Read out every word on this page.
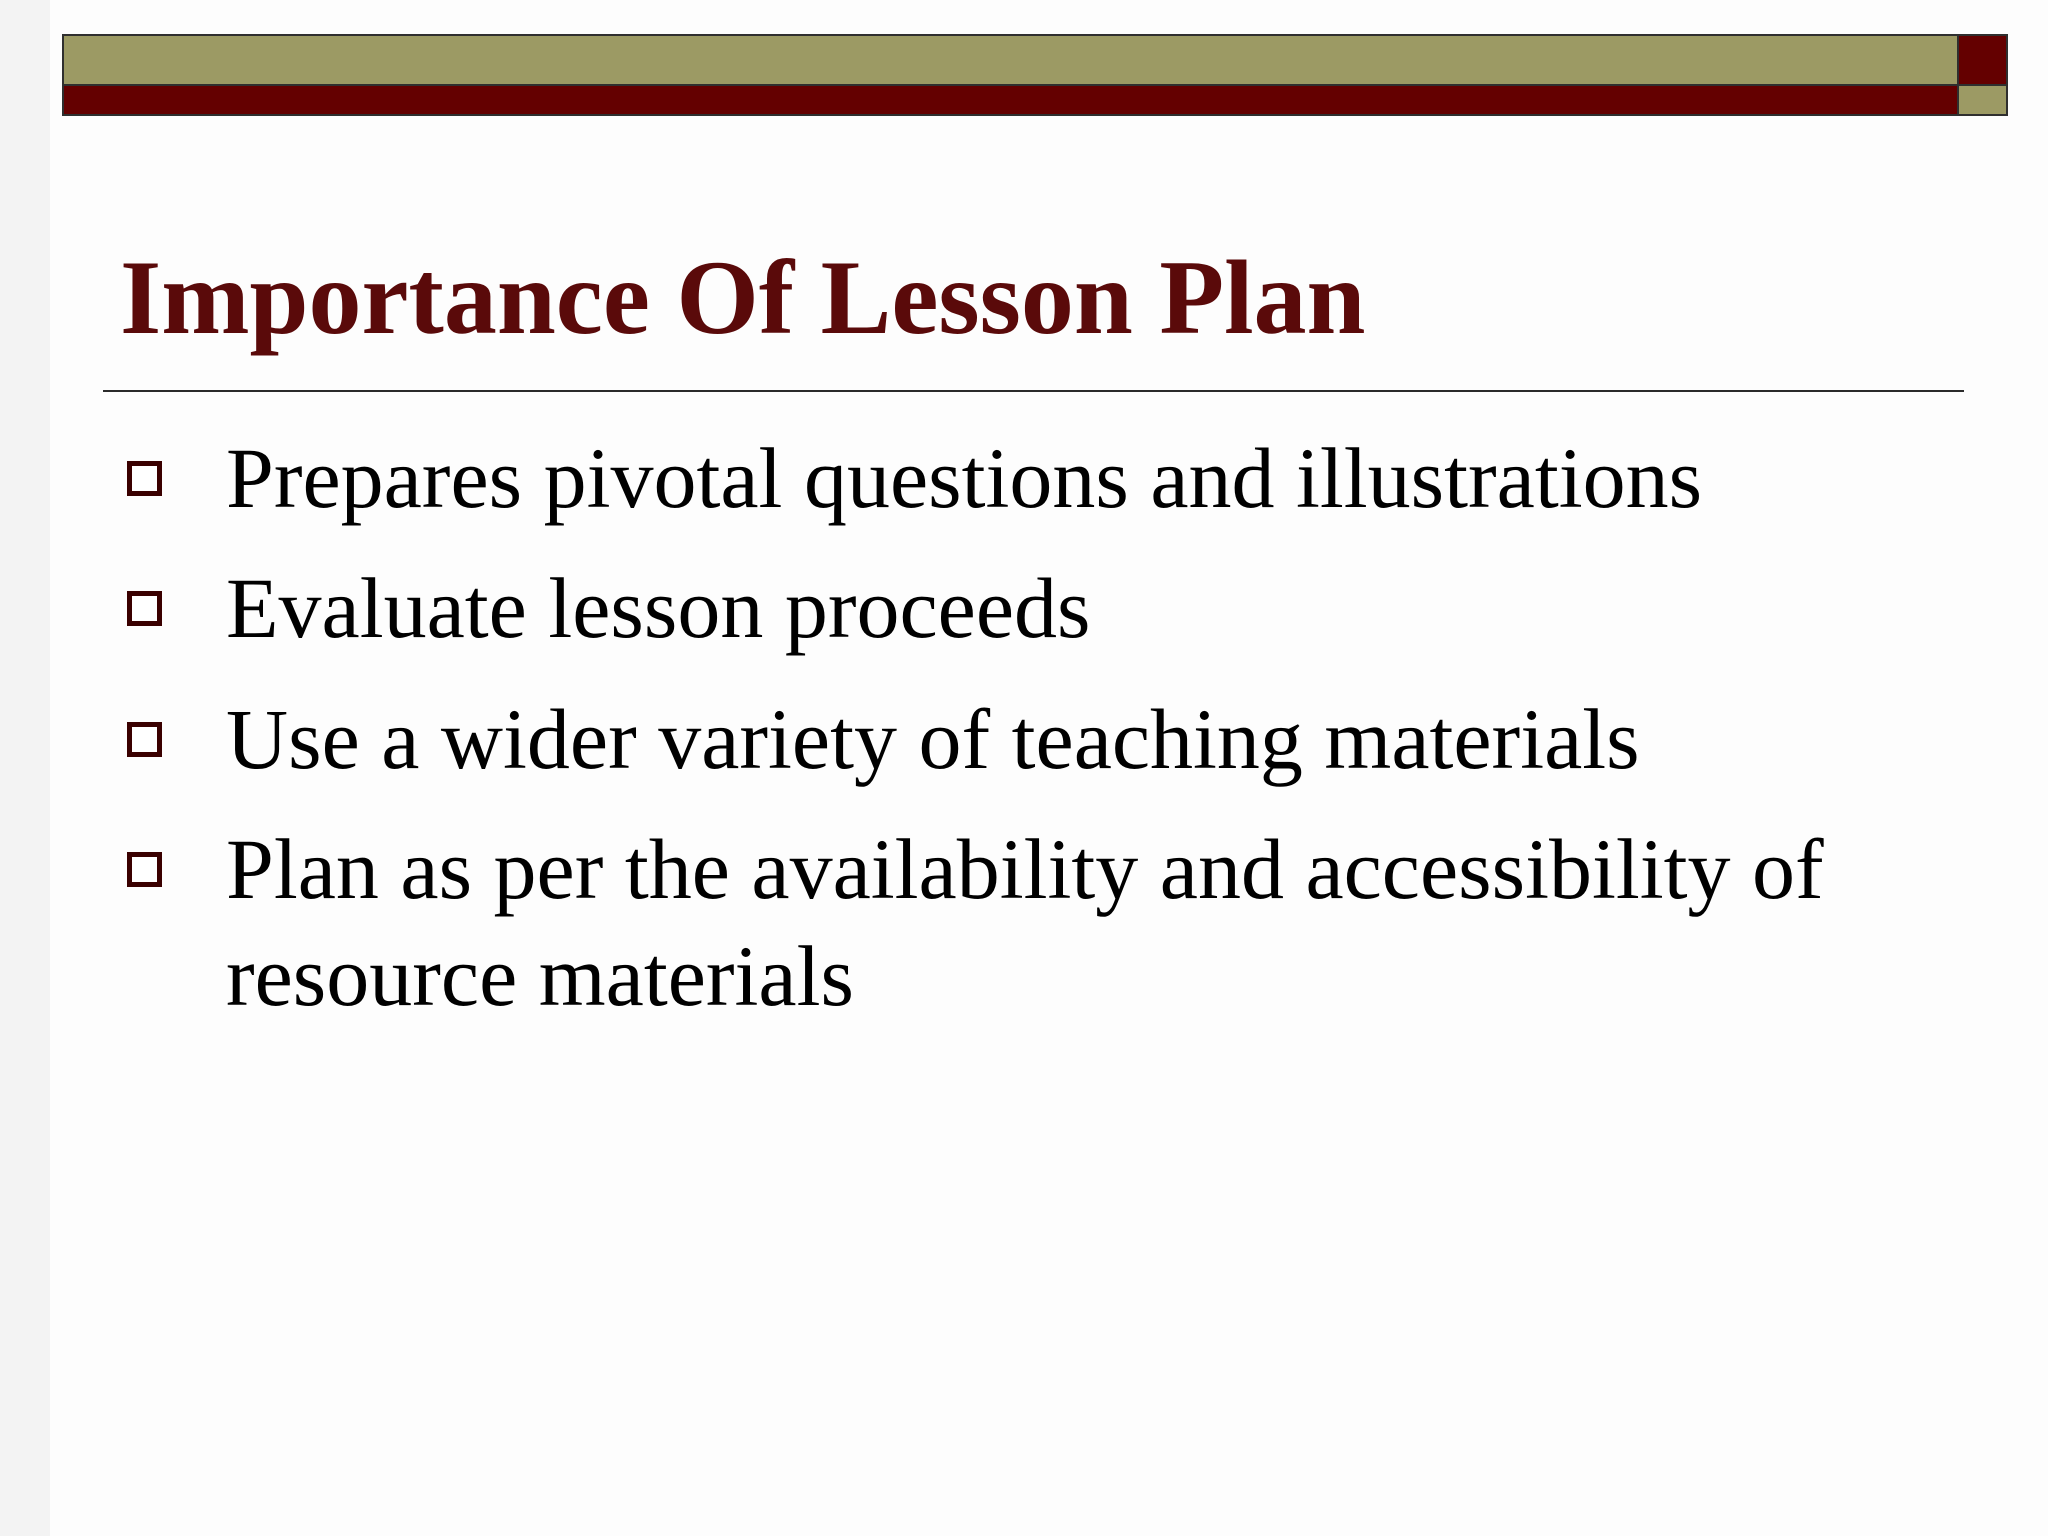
Importance Of Lesson Plan
Prepares pivotal questions and illustrations
Evaluate lesson proceeds
Use a wider variety of teaching materials
Plan as per the availability and accessibility of resource materials
